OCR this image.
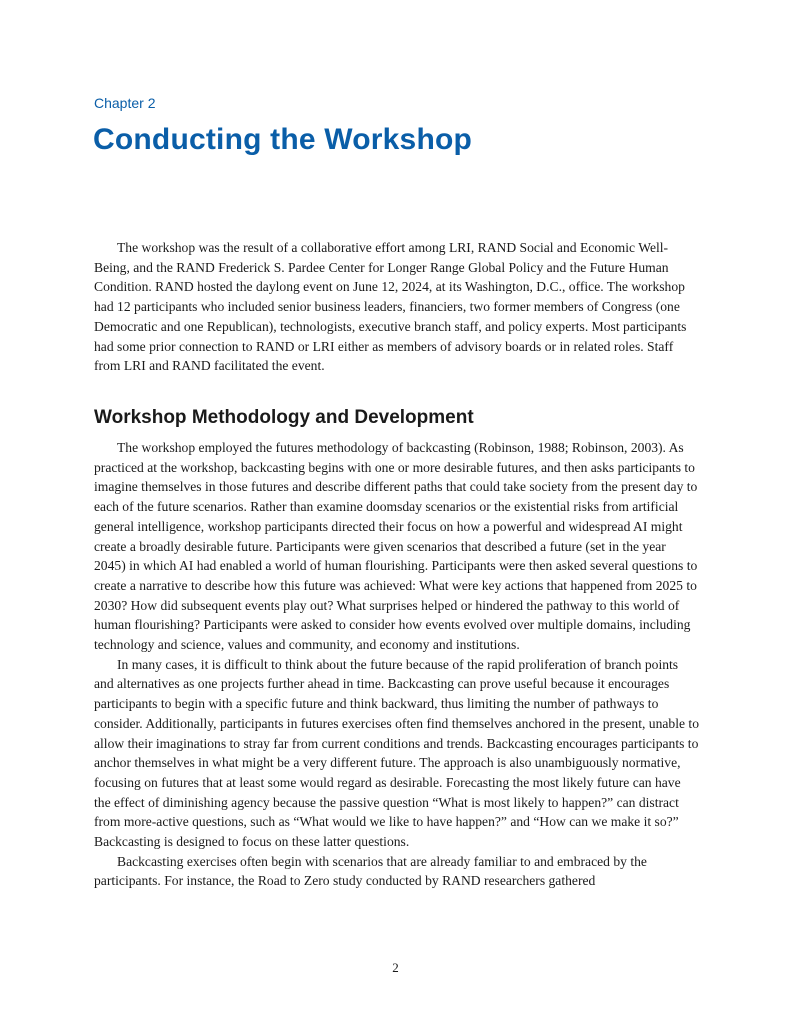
Chapter 2
Conducting the Workshop

The workshop was the result of a collaborative effort among LRI, RAND Social and Economic Well-Being, and the RAND Frederick S. Pardee Center for Longer Range Global Policy and the Future Human Condition. RAND hosted the daylong event on June 12, 2024, at its Washington, D.C., office. The workshop had 12 participants who included senior business leaders, financiers, two former members of Congress (one Democratic and one Republican), technologists, executive branch staff, and policy experts. Most participants had some prior connection to RAND or LRI either as members of advisory boards or in related roles. Staff from LRI and RAND facilitated the event.

Workshop Methodology and Development

The workshop employed the futures methodology of backcasting (Robinson, 1988; Robinson, 2003). As practiced at the workshop, backcasting begins with one or more desirable futures, and then asks participants to imagine themselves in those futures and describe different paths that could take society from the present day to each of the future scenarios. Rather than examine doomsday scenarios or the existential risks from artificial general intelligence, workshop participants directed their focus on how a powerful and widespread AI might create a broadly desirable future. Participants were given scenarios that described a future (set in the year 2045) in which AI had enabled a world of human flourishing. Participants were then asked several questions to create a narrative to describe how this future was achieved: What were key actions that happened from 2025 to 2030? How did subsequent events play out? What surprises helped or hindered the pathway to this world of human flourishing? Participants were asked to consider how events evolved over multiple domains, including technology and science, values and community, and economy and institutions.

In many cases, it is difficult to think about the future because of the rapid proliferation of branch points and alternatives as one projects further ahead in time. Backcasting can prove useful because it encourages participants to begin with a specific future and think backward, thus limiting the number of pathways to consider. Additionally, participants in futures exercises often find themselves anchored in the present, unable to allow their imaginations to stray far from current conditions and trends. Backcasting encourages participants to anchor themselves in what might be a very different future. The approach is also unambiguously normative, focusing on futures that at least some would regard as desirable. Forecasting the most likely future can have the effect of diminishing agency because the passive question “What is most likely to happen?” can distract from more-active questions, such as “What would we like to have happen?” and “How can we make it so?” Backcasting is designed to focus on these latter questions.

Backcasting exercises often begin with scenarios that are already familiar to and embraced by the participants. For instance, the Road to Zero study conducted by RAND researchers gathered

2
